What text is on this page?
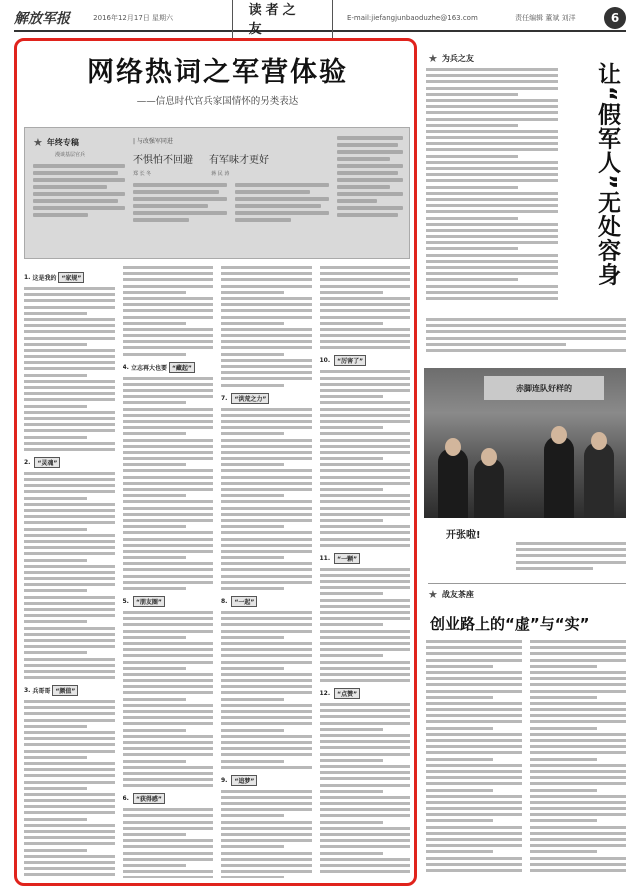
解放军报	2016年12月17日 星期六	读者之友
E-mail:jiefangjunbaoduzhe@163.com	责任编辑 董斌 刘洋	6
网络热词之军营体验
——信息时代官兵家国情怀的另类表达
★ 年终专稿
漫谈基层官兵
| 与改强军同进
不惧怕不回避 有军味才更好
郑 长 冬	蒋 民 涛
1. 这是我的 “家规”
2.	“灵魂”
3. 兵哥哥 “颜值”
4. 立志再大也要 “藏起”
5.	“朋友圈”
6.	“获得感”
7.	“洪荒之力”
8.	“一起”
9.	“追梦”
10.	“厉害了”
11.	“一颗”
12.	“点赞”
★ 为兵之友
让“假军人”无处容身
赤脚连队好样的
开张啦!
★ 战友茶座
创业路上的“虚”与“实”
